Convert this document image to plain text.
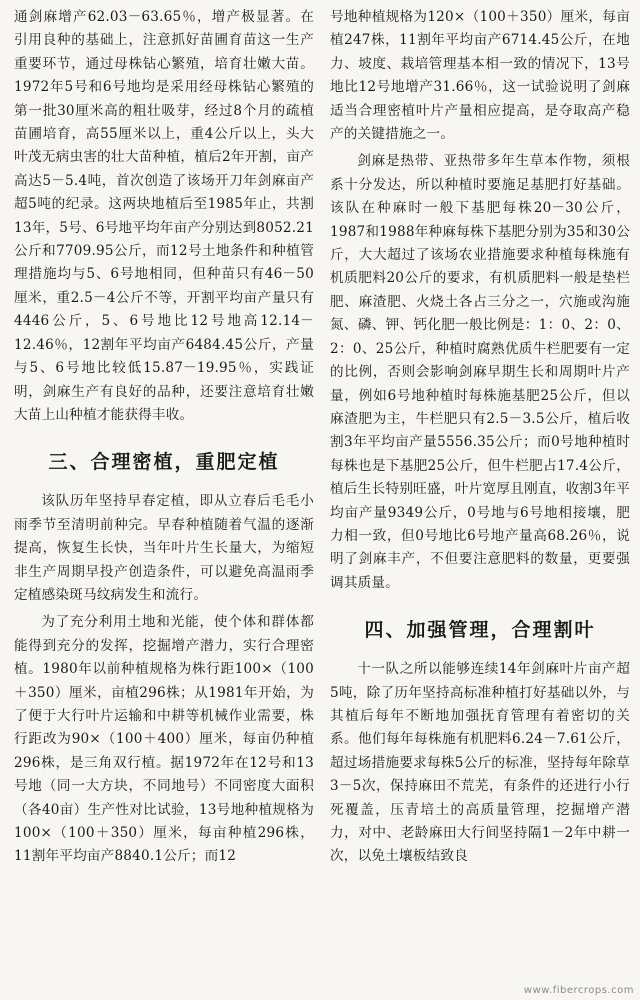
通剑麻增产62.03－63.65％，增产极显著。在引用良种的基础上，注意抓好苗圃育苗这一生产重要环节，通过母株钻心繁殖，培育壮嫩大苗。1972年5号和6号地均是采用经母株钻心繁殖的第一批30厘米高的粗壮吸芽，经过8个月的疏植苗圃培育，高55厘米以上，重4公斤以上，头大叶茂无病虫害的壮大苗种植，植后2年开割，亩产高达5－5.4吨，首次创造了该场开刀年剑麻亩产超5吨的纪录。这两块地植后至1985年止，共割13年，5号、6号地平均年亩产分别达到8052.21公斤和7709.95公斤，而12号土地条件和种植管理措施均与5、6号地相同，但种苗只有46－50厘米，重2.5－4公斤不等，开割平均亩产量只有4446公斤，5、6号地比12号地高12.14－12.46％，12割年平均亩产6484.45公斤，产量与5、6号地比较低15.87－19.95％，实践证明，剑麻生产有良好的品种，还要注意培育壮嫩大苗上山种植才能获得丰收。

三、合理密植，重肥定植

该队历年坚持早春定植，即从立春后毛毛小雨季节至清明前种完。早春种植随着气温的逐渐提高，恢复生长快，当年叶片生长量大，为缩短非生产周期早投产创造条件，可以避免高温雨季定植感染斑马纹病发生和流行。

为了充分利用土地和光能，使个体和群体都能得到充分的发挥，挖掘增产潜力，实行合理密植。1980年以前种植规格为株行距100×（100＋350）厘米，亩植296株；从1981年开始，为了便于大行叶片运输和中耕等机械作业需要，株行距改为90×（100＋400）厘米，每亩仍种植296株，是三角双行植。据1972年在12号和13号地（同一大方块，不同地号）不同密度大面积（各40亩）生产性对比试验，13号地种植规格为100×（100＋350）厘米，每亩种植296株，11割年平均亩产8840.1公斤；而12

号地种植规格为120×（100＋350）厘米，每亩植247株，11割年平均亩产6714.45公斤，在地力、坡度、栽培管理基本相一致的情况下，13号地比12号地增产31.66％，这一试验说明了剑麻适当合理密植叶片产量相应提高，是夺取高产稳产的关键措施之一。

剑麻是热带、亚热带多年生草本作物，须根系十分发达，所以种植时要施足基肥打好基础。该队在种麻时一般下基肥每株20－30公斤，1987和1988年种麻每株下基肥分别为35和30公斤，大大超过了该场农业措施要求种植每株施有机质肥料20公斤的要求，有机质肥料一般是垫栏肥、麻渣肥、火烧土各占三分之一，穴施或沟施氮、磷、钾、钙化肥一般比例是：1：0、2：0、2：0、25公斤，种植时腐熟优质牛栏肥要有一定的比例，否则会影响剑麻早期生长和周期叶片产量，例如6号地种植时每株施基肥25公斤，但以麻渣肥为主，牛栏肥只有2.5－3.5公斤，植后收割3年平均亩产量5556.35公斤；而0号地种植时每株也是下基肥25公斤，但牛栏肥占17.4公斤，植后生长特别旺盛，叶片宽厚且刚直，收割3年平均亩产量9349公斤，0号地与6号地相接壤，肥力相一致，但0号地比6号地产量高68.26％，说明了剑麻丰产，不但要注意肥料的数量，更要强调其质量。

四、加强管理，合理割叶

十一队之所以能够连续14年剑麻叶片亩产超5吨，除了历年坚持高标准种植打好基础以外，与其植后每年不断地加强抚育管理有着密切的关系。他们每年每株施有机肥料6.24－7.61公斤，超过场措施要求每株5公斤的标准，坚持每年除草3－5次，保持麻田不荒芜，有条件的还进行小行死覆盖，压青培土的高质量管理，挖掘增产潜力，对中、老龄麻田大行间坚持隔1－2年中耕一次，以免土壤板结致良

www.fibercrops.com
